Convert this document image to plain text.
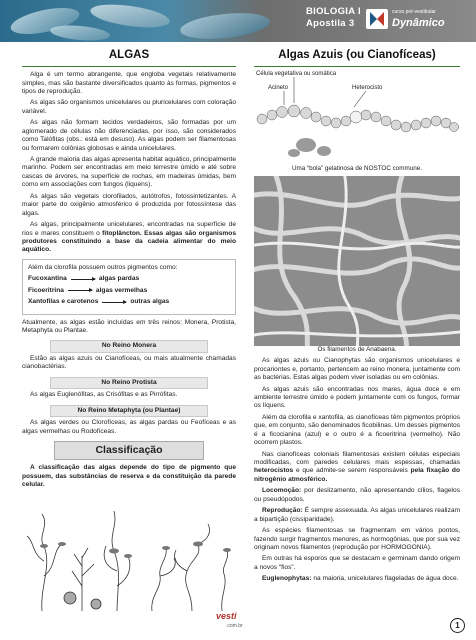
BIOLOGIA I
Apostila 3
curso pré-vestibular
Dynâmico
ALGAS

Alga é um termo abrangente, que engloba vegetais relativamente simples, mas são bastante diversificados quanto às formas, pigmentos e tipos de reprodução.

As algas são organismos unicelulares ou pluricelulares com coloração variável.

As algas não formam tecidos verdadeiros, são formadas por um aglomerado de células não diferenciadas, por isso, são considerados como Talófitas (obs.: está em desuso). As algas podem ser filamentosas ou formarem colônias globosas e ainda unicelulares.

A grande maioria das algas apresenta habitat aquático, principalmente marinho. Podem ser encontradas em meio terrestre úmido e até sobre cascas de árvores, na superfície de rochas, em madeiras úmidas, bem como em associações com fungos (liquens).

As algas são vegetais clorofilados, autótrofos, fotossintetizantes. A maior parte do oxigênio atmosférico é produzida por fotossíntese das algas.

As algas, principalmente unicelulares, encontradas na superfície de rios e mares constituem o fitoplâncton. Essas algas são organismos produtores constituindo a base da cadeia alimentar do meio aquático.

Além da clorofila possuem outros pigmentos como:

Fucoxantina	algas pardas
Ficoeritrina	algas vermelhas
Xantofilas e carotenos	outras algas

Atualmente, as algas estão incluídas em três reinos: Monera, Protista, Metaphyta ou Plantae.

No Reino Monera

Estão as algas azuis ou Cianofíceas, ou mais atualmente chamadas cianobactérias.

No Reino Protista

As algas Euglenófitas, as Crisófitas e as Pirrófitas.

No Reino Metaphyta (ou Plantae)

As algas verdes ou Clorofíceas, as algas pardas ou Feofíceas e as algas vermelhas ou Rodofíceas.

Classificação

A classificação das algas depende do tipo de pigmento que possuem, das substâncias de reserva e da constituição da parede celular.

Algas Azuis (ou Cianofíceas)
Célula vegetativa ou somática
Acineto	Heterocisto
Uma “bola” gelatinosa de NOSTOC commune.
Os filamentos de Anabaena.

As algas azuis ou Cianophytas são organismos unicelulares e procariontes e, portanto, pertencem ao reino monera, juntamente com as bactérias. Estas algas podem viver isoladas ou em colônias.

As algas azuis são encontradas nos mares, água doce e em ambiente terrestre úmido e podem juntamente com os fungos, formar os líquens.

Além da clorofila e xantofila, as cianofíceas têm pigmentos próprios que, em conjunto, são denominados ficobilinas. Um desses pigmentos é a ficocianina (azul) e o outro é a ficoeritrina (vermelho). Não ocorrem plastos.

Nas cianofíceas coloniais filamentosas existem células especiais modificadas, com paredes celulares mais espessas, chamadas heterocistos e que admite-se serem responsáveis pela fixação do nitrogênio atmosférico.

Locomoção: por deslizamento, não apresentando cílios, flagelos ou pseudópodos.

Reprodução: É sempre assexuada. As algas unicelulares realizam a bipartição (cissiparidade).

As espécies filamentosas se fragmentam em vários pontos, fazendo surgir fragmentos menores, as hormogônias, que por sua vez originam novos filamentos (reprodução por HORMOGONIA).

Em outras há esporos que se destacam e germinam dando origem a novos “fios”.

Euglenophytas: na maioria, unicelulares flageladas de água doce.

vesti
.com.br	1
